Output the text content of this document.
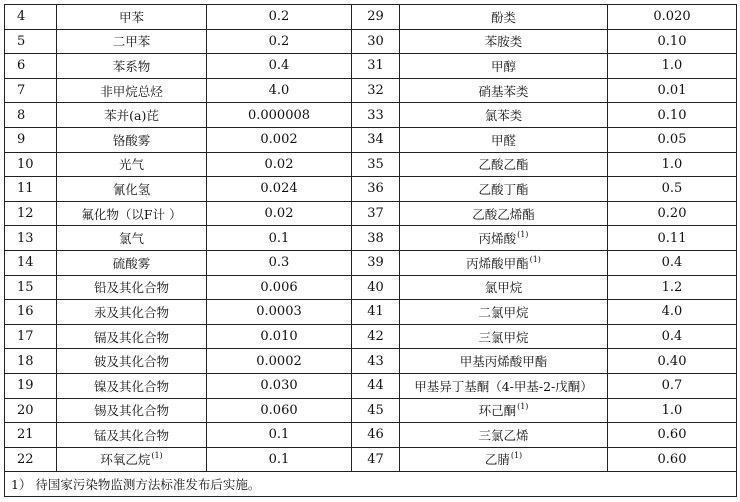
4	甲苯	0.2	29	酚类	0.020
5	二甲苯	0.2	30	苯胺类	0.10
6	苯系物	0.4	31	甲醇	1.0
7	非甲烷总烃	4.0	32	硝基苯类	0.01
8	苯并(a)芘	0.000008	33	氯苯类	0.10
9	铬酸雾	0.002	34	甲醛	0.05
10	光气	0.02	35	乙酸乙酯	1.0
11	氰化氢	0.024	36	乙酸丁酯	0.5
12	氟化物（以F计 ）	0.02	37	乙酸乙烯酯	0.20
13	氯气	0.1	38	丙烯酸$^{(1)}$	0.11
14	硫酸雾	0.3	39	丙烯酸甲酯$^{(1)}$	0.4
15	铅及其化合物	0.006	40	氯甲烷	1.2
16	汞及其化合物	0.0003	41	二氯甲烷	4.0
17	镉及其化合物	0.010	42	三氯甲烷	0.4
18	铍及其化合物	0.0002	43	甲基丙烯酸甲酯	0.40
19	镍及其化合物	0.030	44	甲基异丁基酮（4-甲基-2-戊酮）	0.7
20	锡及其化合物	0.060	45	环己酮$^{(1)}$	1.0
21	锰及其化合物	0.1	46	三氯乙烯	0.60
22	环氧乙烷$^{(1)}$	0.1	47	乙腈$^{(1)}$	0.60
1） 待国家污染物监测方法标准发布后实施。					
